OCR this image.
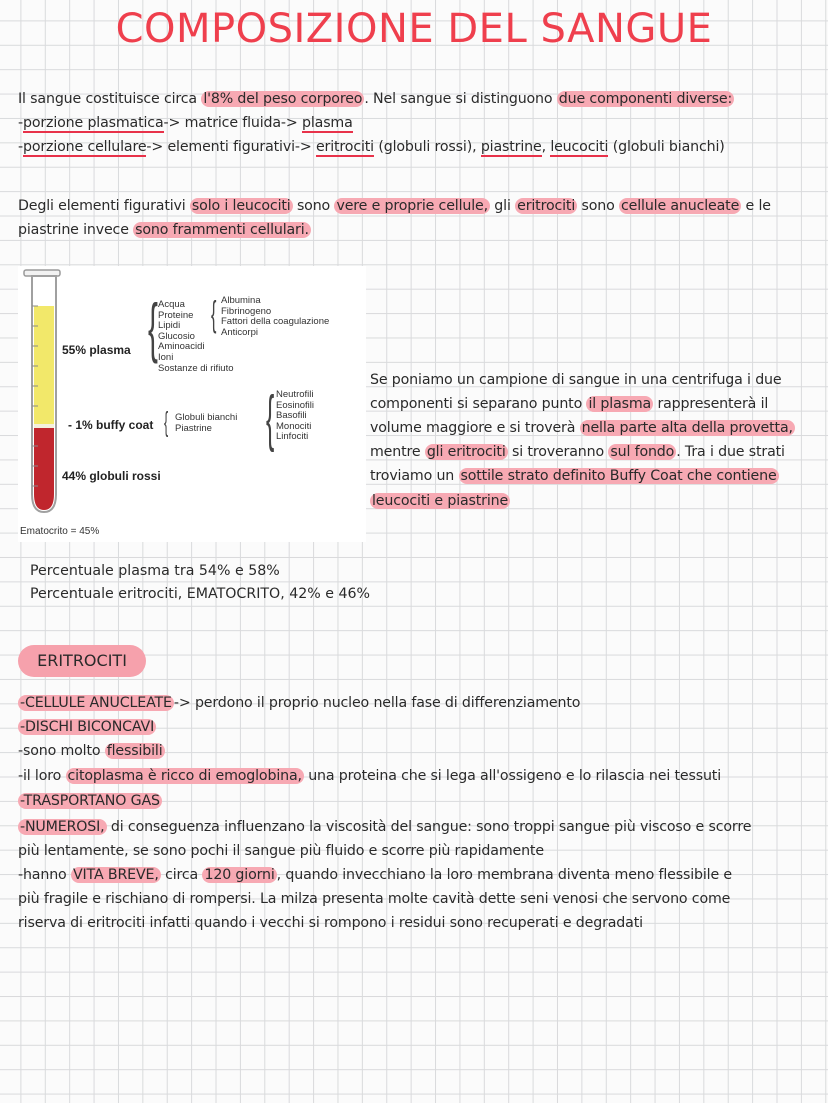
COMPOSIZIONE DEL SANGUE
Il sangue costituisce circa l'8% del peso corporeo . Nel sangue si distinguono due componenti diverse:
-porzione plasmatica-> matrice fluida-> plasma
-porzione cellulare-> elementi figurativi-> eritrociti (globuli rossi), piastrine, leucociti (globuli bianchi)
Degli elementi figurativi solo i leucociti sono vere e proprie cellule, gli eritrociti sono cellule anucleate e le
piastrine invece sono frammenti cellulari.
55% plasma
- 1% buffy coat
44% globuli rossi
Ematocrito = 45%
{ Acqua
Proteine
Lipidi
Glucosio
Aminoacidi
Ioni
Sostanze di rifiuto
{ Albumina
Fibrinogeno
Fattori della coagulazione
Anticorpi
{ Globuli bianchi
Piastrine { Neutrofili
Eosinofili
Basofili
Monociti
Linfociti
Se poniamo un campione di sangue in una centrifuga i due
componenti si separano punto il plasma rappresenterà il
volume maggiore e si troverà nella parte alta della provetta,
mentre gli eritrociti si troveranno sul fondo . Tra i due strati
troviamo un sottile strato definito Buffy Coat che contiene
leucociti e piastrine
Percentuale plasma tra 54% e 58%
Percentuale eritrociti, EMATOCRITO, 42% e 46%
ERITROCITI
-CELLULE ANUCLEATE -> perdono il proprio nucleo nella fase di differenziamento
-DISCHI BICONCAVI
-sono molto flessibili
-il loro citoplasma è ricco di emoglobina, una proteina che si lega all'ossigeno e lo rilascia nei tessuti
-TRASPORTANO GAS
-NUMEROSI, di conseguenza influenzano la viscosità del sangue: sono troppi sangue più viscoso e scorre
più lentamente, se sono pochi il sangue più fluido e scorre più rapidamente
-hanno VITA BREVE, circa 120 giorni , quando invecchiano la loro membrana diventa meno flessibile e
più fragile e rischiano di rompersi. La milza presenta molte cavità dette seni venosi che servono come
riserva di eritrociti infatti quando i vecchi si rompono i residui sono recuperati e degradati
